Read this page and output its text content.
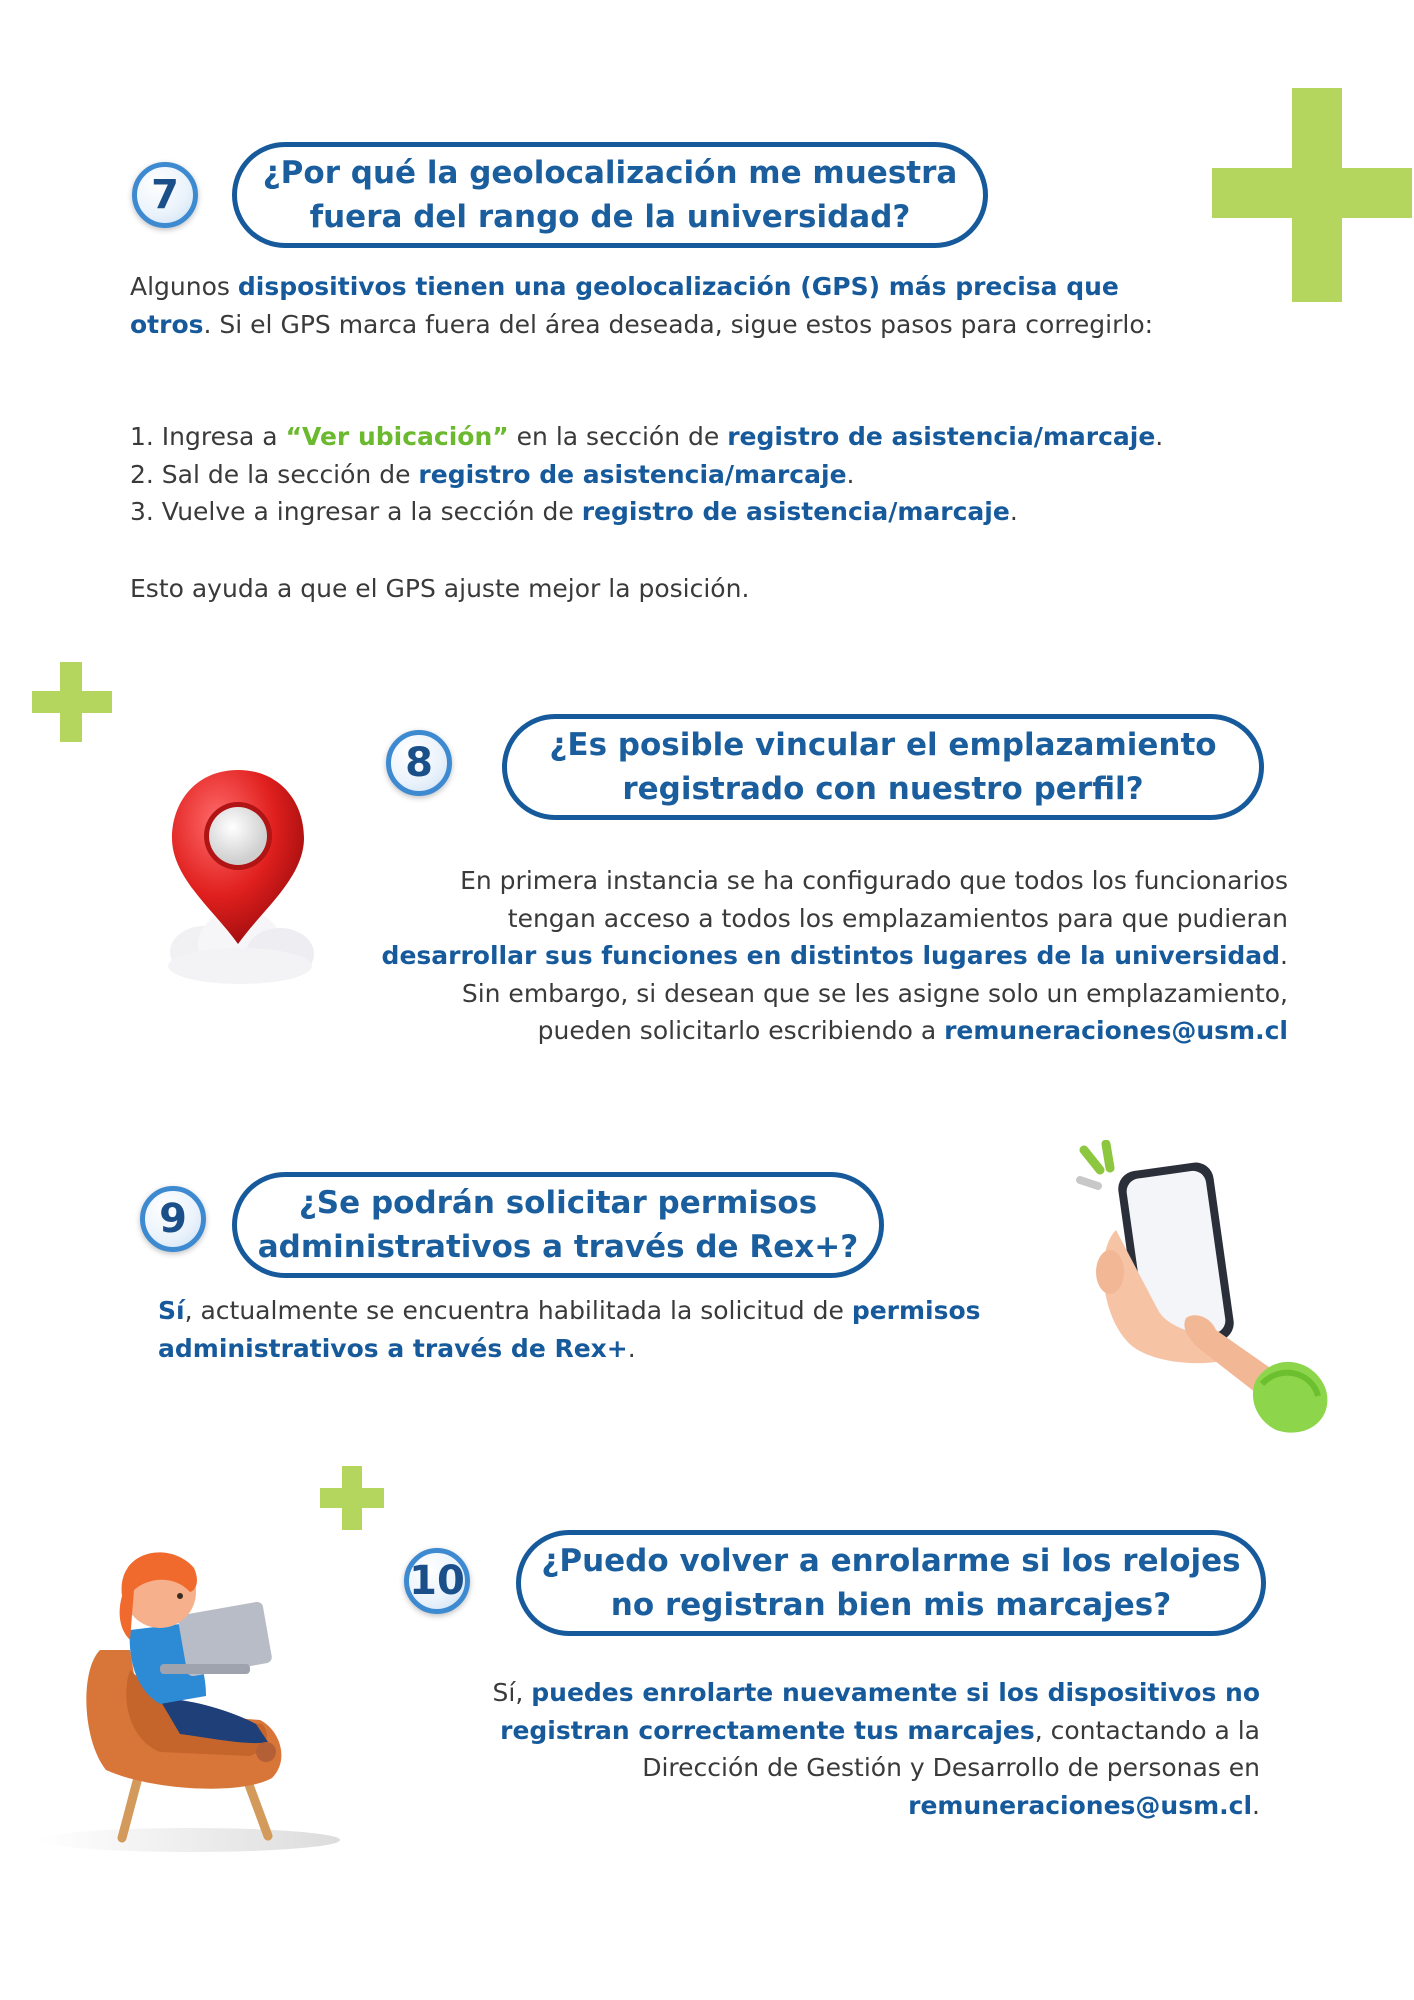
7	¿Por qué la geolocalización me muestra
fuera del rango de la universidad?
Algunos dispositivos tienen una geolocalización (GPS) más precisa que otros. Si el GPS marca fuera del área deseada, sigue estos pasos para corregirlo:
1. Ingresa a “Ver ubicación” en la sección de registro de asistencia/marcaje.
2. Sal de la sección de registro de asistencia/marcaje.
3. Vuelve a ingresar a la sección de registro de asistencia/marcaje.
Esto ayuda a que el GPS ajuste mejor la posición.
8	¿Es posible vincular el emplazamiento
registrado con nuestro perfil?
En primera instancia se ha configurado que todos los funcionarios tengan acceso a todos los emplazamientos para que pudieran desarrollar sus funciones en distintos lugares de la universidad. Sin embargo, si desean que se les asigne solo un emplazamiento, pueden solicitarlo escribiendo a remuneraciones@usm.cl
9	¿Se podrán solicitar permisos
administrativos a través de Rex+?
Sí, actualmente se encuentra habilitada la solicitud de permisos administrativos a través de Rex+.
10 ¿Puedo volver a enrolarme si los relojes
no registran bien mis marcajes?
Sí, puedes enrolarte nuevamente si los dispositivos no registran correctamente tus marcajes, contactando a la Dirección de Gestión y Desarrollo de personas en remuneraciones@usm.cl.
